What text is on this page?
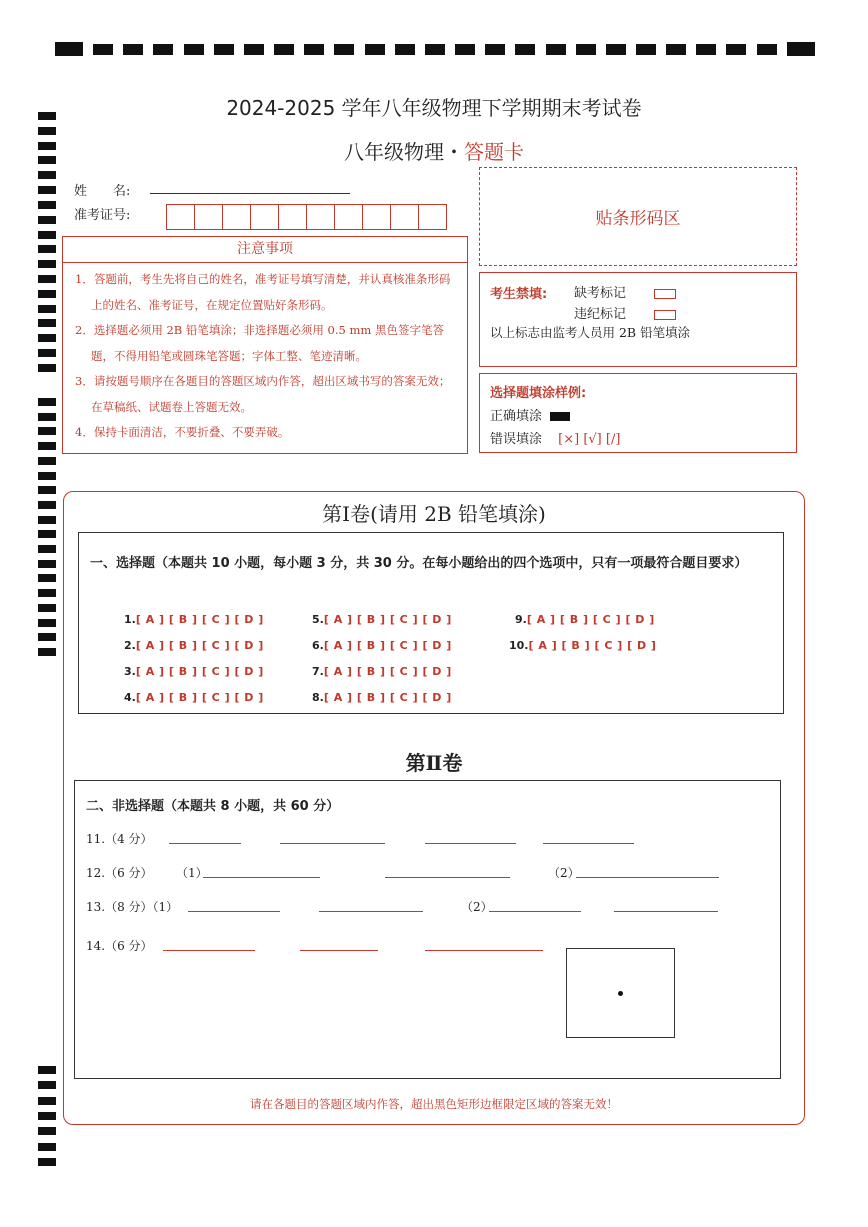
2024-2025 学年八年级物理下学期期末考试卷
八年级物理・答题卡
姓　　名:
准考证号:	贴条形码区
注意事项
1．答题前，考生先将自己的姓名，准考证号填写清楚，并认真核准条形码上的姓名、准考证号，在规定位置贴好条形码。
2．选择题必须用 2B 铅笔填涂；非选择题必须用 0.5 mm 黑色签字笔答题，不得用铅笔或圆珠笔答题；字体工整、笔迹清晰。
3．请按题号顺序在各题目的答题区域内作答，超出区域书写的答案无效；在草稿纸、试题卷上答题无效。
4．保持卡面清洁，不要折叠、不要弄破。
考生禁填: 缺考标记
违纪标记
以上标志由监考人员用 2B 铅笔填涂
选择题填涂样例:
正确填涂
错误填涂 [×] [√] [/]
第Ⅰ卷(请用 2B 铅笔填涂)
一、选择题（本题共 10 小题，每小题 3 分，共 30 分。在每小题给出的四个选项中，只有一项最符合题目要求）
1.[ A ] [ B ] [ C ] [ D ]
2.[ A ] [ B ] [ C ] [ D ]
3.[ A ] [ B ] [ C ] [ D ]
4.[ A ] [ B ] [ C ] [ D ]
5.[ A ] [ B ] [ C ] [ D ]
6.[ A ] [ B ] [ C ] [ D ]
7.[ A ] [ B ] [ C ] [ D ]
8.[ A ] [ B ] [ C ] [ D ]
9.[ A ] [ B ] [ C ] [ D ]
10.[ A ] [ B ] [ C ] [ D ]
第Ⅱ卷
二、非选择题（本题共 8 小题，共 60 分）
11.（4 分）
12.（6 分） （1）	（2）
13.（8 分）（1）	（2）
14.（6 分）
请在各题目的答题区域内作答，超出黑色矩形边框限定区域的答案无效！
